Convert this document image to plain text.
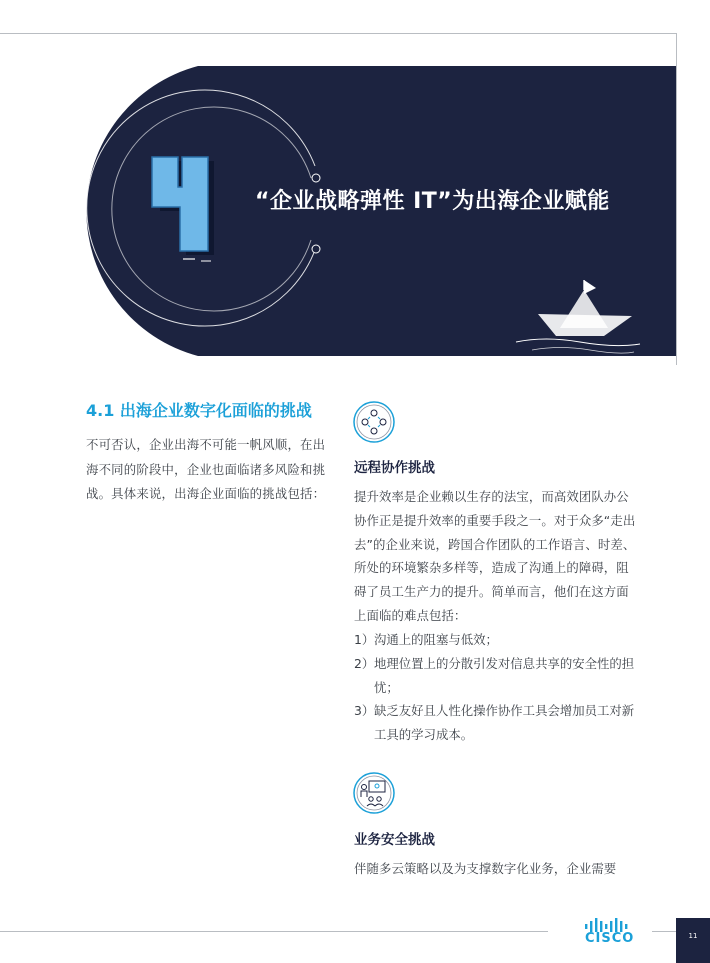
4
“企业战略弹性 IT”为出海企业赋能
4.1 出海企业数字化面临的挑战
不可否认，企业出海不可能一帆风顺，在出海不同的阶段中，企业也面临诸多风险和挑战。具体来说，出海企业面临的挑战包括：
远程协作挑战
提升效率是企业赖以生存的法宝，而高效团队办公协作正是提升效率的重要手段之一。对于众多“走出去”的企业来说，跨国合作团队的工作语言、时差、所处的环境繁杂多样等，造成了沟通上的障碍，阻碍了员工生产力的提升。简单而言，他们在这方面上面临的难点包括：
1）沟通上的阻塞与低效；
2）地理位置上的分散引发对信息共享的安全性的担忧；
3）缺乏友好且人性化操作协作工具会增加员工对新工具的学习成本。
业务安全挑战
伴随多云策略以及为支撑数字化业务，企业需要
CISCO	11
